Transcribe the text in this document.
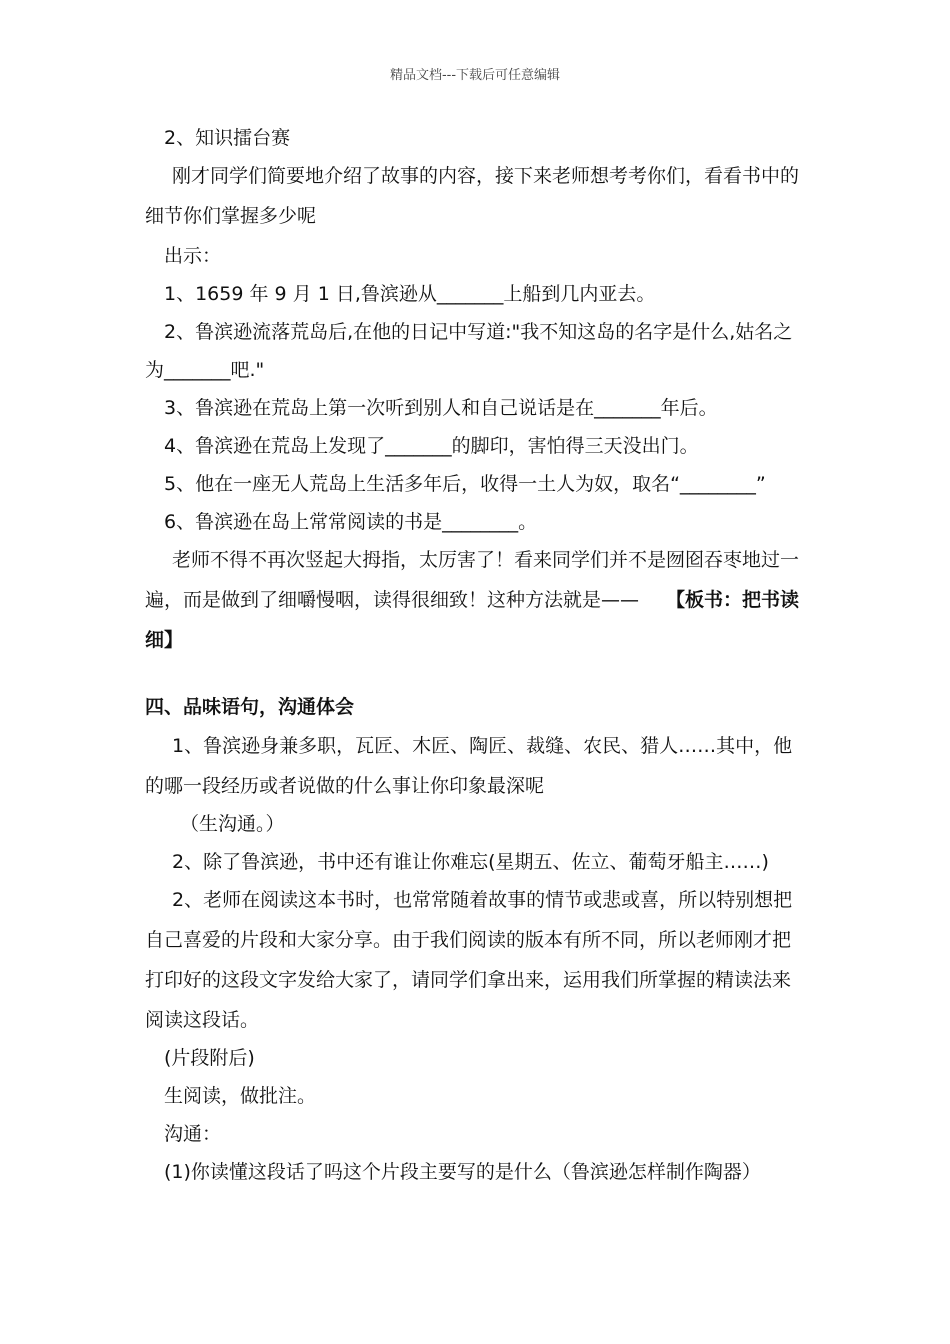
精品文档---下载后可任意编辑
2、知识擂台赛
刚才同学们简要地介绍了故事的内容，接下来老师想考考你们，看看书中的
细节你们掌握多少呢
出示：
1、1659 年 9 月 1 日,鲁滨逊从_______上船到几内亚去。
2、鲁滨逊流落荒岛后,在他的日记中写道:"我不知这岛的名字是什么,姑名之
为_______吧."
3、鲁滨逊在荒岛上第一次听到别人和自己说话是在_______年后。
4、鲁滨逊在荒岛上发现了_______的脚印，害怕得三天没出门。
5、他在一座无人荒岛上生活多年后，收得一土人为奴，取名“________”
6、鲁滨逊在岛上常常阅读的书是________。
老师不得不再次竖起大拇指，太厉害了！看来同学们并不是囫囵吞枣地过一
遍，而是做到了细嚼慢咽，读得很细致！这种方法就是—— 【板书：把书读
细】
四、品味语句，沟通体会
1、鲁滨逊身兼多职，瓦匠、木匠、陶匠、裁缝、农民、猎人……其中，他
的哪一段经历或者说做的什么事让你印象最深呢
（生沟通。）
2、除了鲁滨逊，书中还有谁让你难忘(星期五、佐立、葡萄牙船主……)
2、老师在阅读这本书时，也常常随着故事的情节或悲或喜，所以特别想把
自己喜爱的片段和大家分享。由于我们阅读的版本有所不同，所以老师刚才把
打印好的这段文字发给大家了，请同学们拿出来，运用我们所掌握的精读法来
阅读这段话。
(片段附后)
生阅读，做批注。
沟通：
(1)你读懂这段话了吗这个片段主要写的是什么（鲁滨逊怎样制作陶器）
